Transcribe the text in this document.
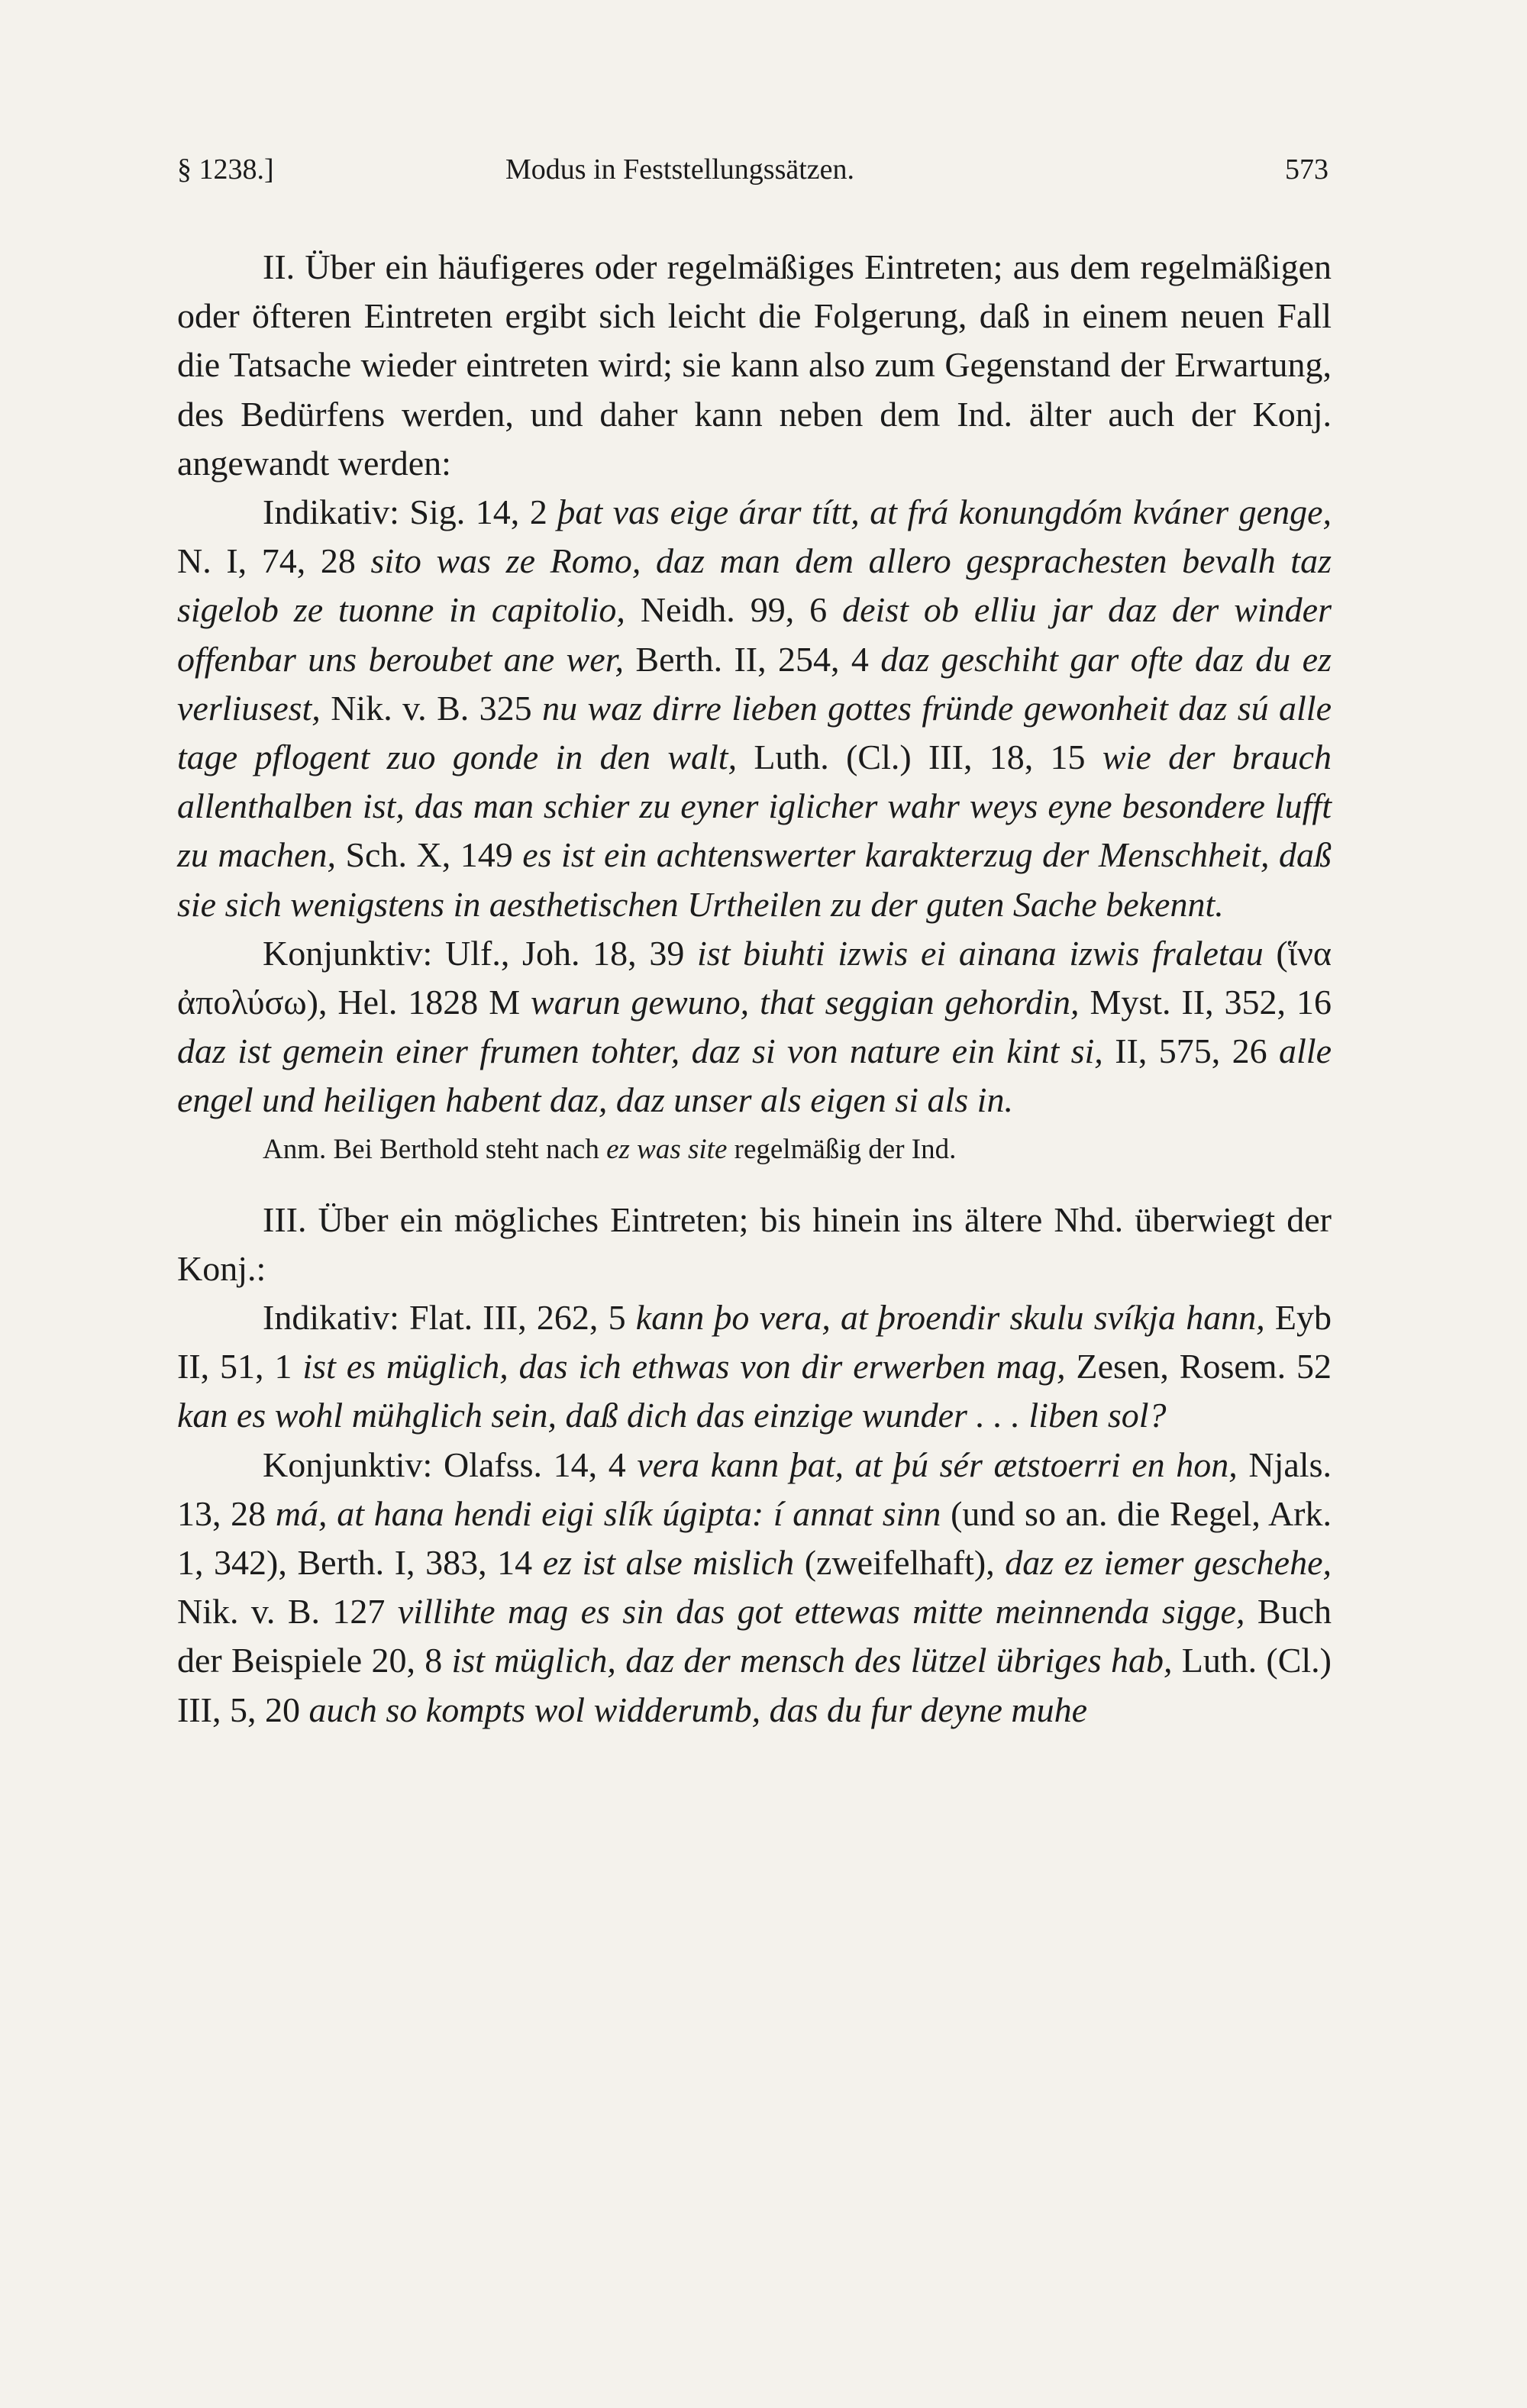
§ 1238.]	Modus in Feststellungssätzen.	573

II. Über ein häufigeres oder regelmäßiges Eintreten; aus dem regelmäßigen oder öfteren Eintreten ergibt sich leicht die Folgerung, daß in einem neuen Fall die Tatsache wieder eintreten wird; sie kann also zum Gegenstand der Erwartung, des Bedürfens werden, und daher kann neben dem Ind. älter auch der Konj. angewandt werden:

Indikativ: Sig. 14, 2 þat vas eige árar títt, at frá konungdóm kváner genge, N. I, 74, 28 sito was ze Romo, daz man dem allero gesprachesten bevalh taz sigelob ze tuonne in capitolio, Neidh. 99, 6 deist ob elliu jar daz der winder offenbar uns beroubet ane wer, Berth. II, 254, 4 daz geschiht gar ofte daz du ez verliusest, Nik. v. B. 325 nu waz dirre lieben gottes fründe gewonheit daz sú alle tage pflogent zuo gonde in den walt, Luth. (Cl.) III, 18, 15 wie der brauch allenthalben ist, das man schier zu eyner iglicher wahr weys eyne besondere lufft zu machen, Sch. X, 149 es ist ein achtenswerter karakterzug der Menschheit, daß sie sich wenigstens in aesthetischen Urtheilen zu der guten Sache bekennt.

Konjunktiv: Ulf., Joh. 18, 39 ist biuhti izwis ei ainana izwis fraletau (ἵνα ἀπολύσω), Hel. 1828 M warun gewuno, that seggian gehordin, Myst. II, 352, 16 daz ist gemein einer frumen tohter, daz si von nature ein kint si, II, 575, 26 alle engel und heiligen habent daz, daz unser als eigen si als in.

Anm. Bei Berthold steht nach ez was site regelmäßig der Ind.

III. Über ein mögliches Eintreten; bis hinein ins ältere Nhd. überwiegt der Konj.:

Indikativ: Flat. III, 262, 5 kann þo vera, at þroendir skulu svíkja hann, Eyb II, 51, 1 ist es müglich, das ich ethwas von dir erwerben mag, Zesen, Rosem. 52 kan es wohl mühglich sein, daß dich das einzige wunder . . . liben sol?

Konjunktiv: Olafss. 14, 4 vera kann þat, at þú sér ætstoerri en hon, Njals. 13, 28 má, at hana hendi eigi slík úgipta: í annat sinn (und so an. die Regel, Ark. 1, 342), Berth. I, 383, 14 ez ist alse mislich (zweifelhaft), daz ez iemer geschehe, Nik. v. B. 127 villihte mag es sin das got ettewas mitte meinnenda sigge, Buch der Beispiele 20, 8 ist müglich, daz der mensch des lützel übriges hab, Luth. (Cl.) III, 5, 20 auch so kompts wol widderumb, das du fur deyne muhe
